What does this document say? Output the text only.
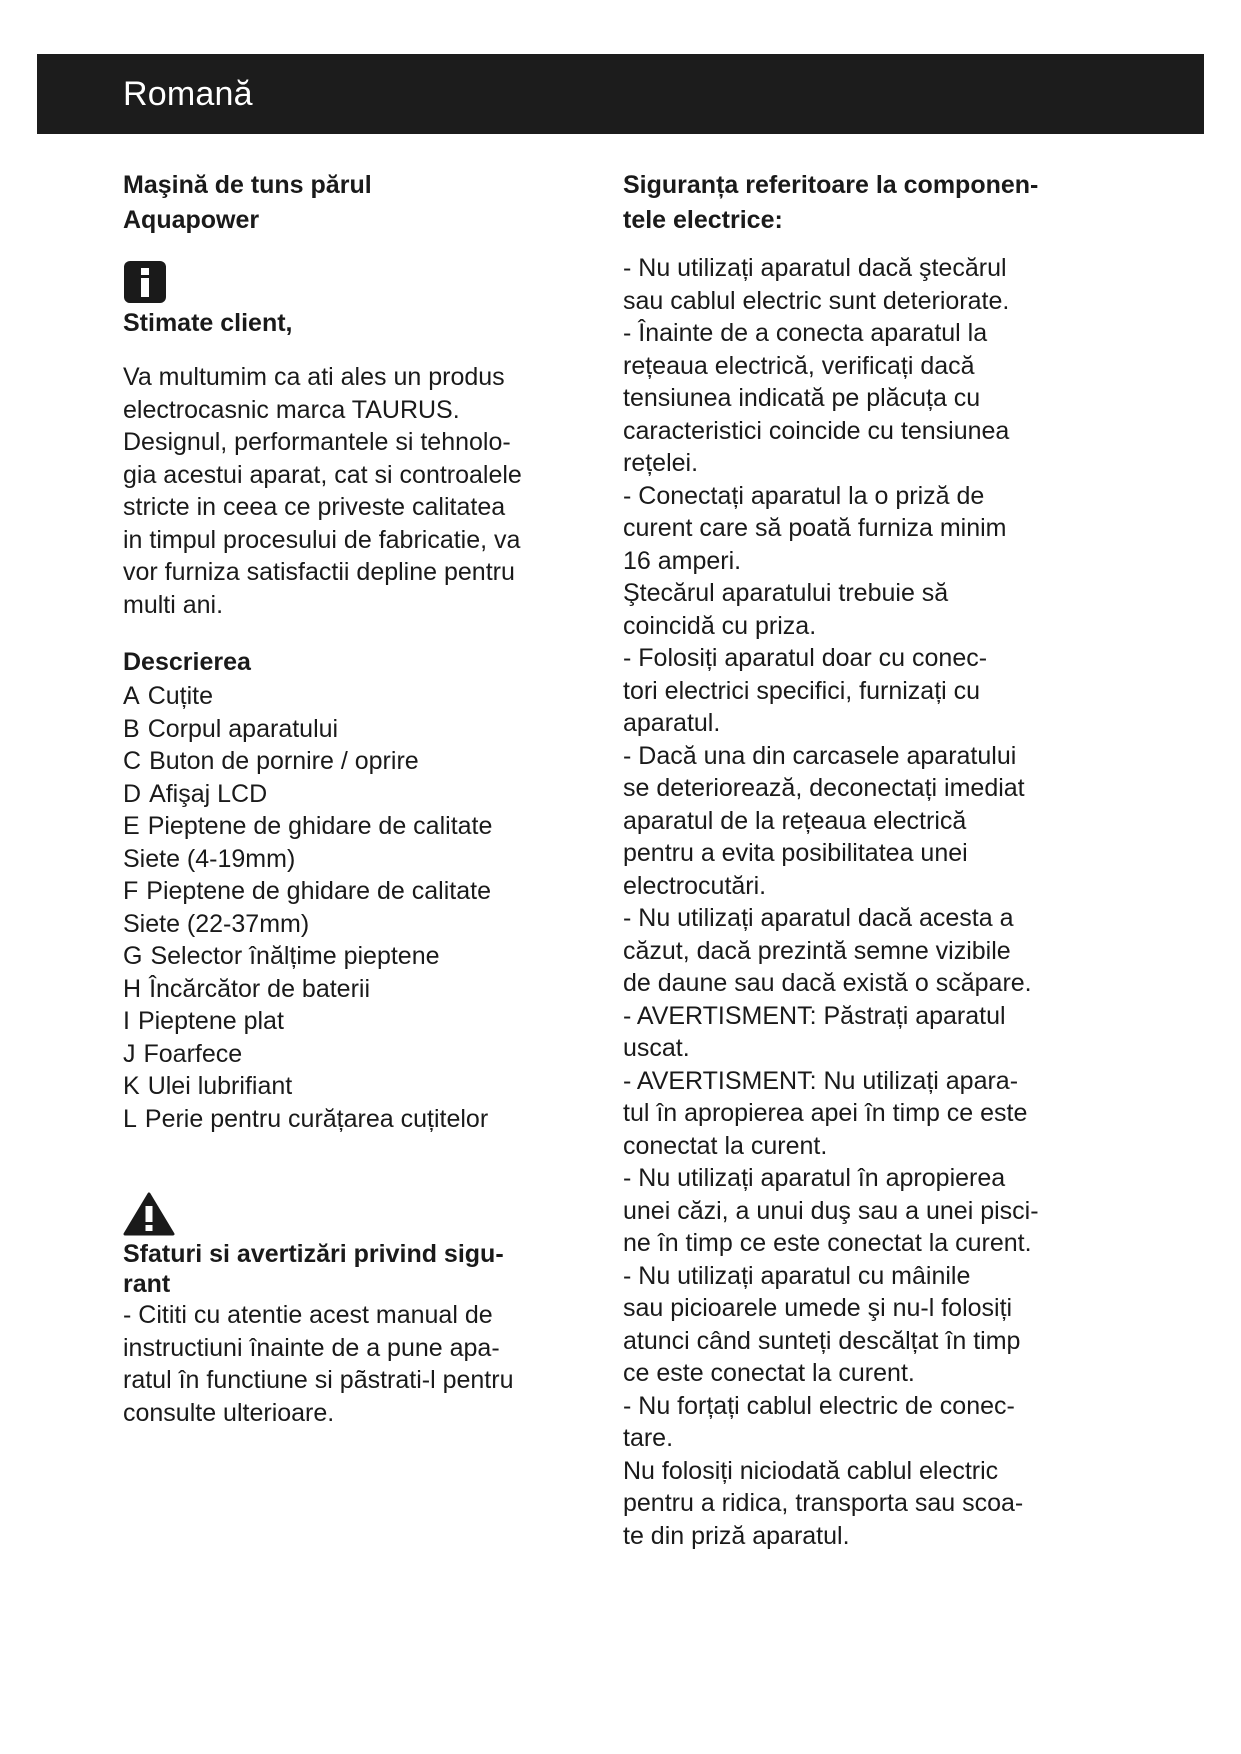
Romană

Maşină de tuns părul

Aquapower

Stimate client,

Va multumim ca ati ales un produs

electrocasnic marca TAURUS.

Designul, performantele si tehnolo-

gia acestui aparat, cat si controalele

stricte in ceea ce priveste calitatea

in timpul procesului de fabricatie, va

vor furniza satisfactii depline pentru

multi ani.

Descrierea

A Cuțite
B Corpul aparatului
C Buton de pornire / oprire
D Afişaj LCD
E Pieptene de ghidare de calitate
Siete (4-19mm)
F Pieptene de ghidare de calitate
Siete (22-37mm)
G Selector înălțime pieptene
H Încărcător de baterii
I Pieptene plat
J Foarfece
K Ulei lubrifiant
L Perie pentru curățarea cuțitelor

Sfaturi si avertizări privind sigu-

rant

- Cititi cu atentie acest manual de

instructiuni înainte de a pune apa-

ratul în functiune si pãstrati-l pentru

consulte ulterioare.

Siguranța referitoare la componen-

tele electrice:

- Nu utilizați aparatul dacă ştecărul

sau cablul electric sunt deteriorate.

- Înainte de a conecta aparatul la

rețeaua electrică, verificați dacă

tensiunea indicată pe plăcuța cu

caracteristici coincide cu tensiunea

rețelei.

- Conectați aparatul la o priză de

curent care să poată furniza minim

16 amperi.

Ştecărul aparatului trebuie să

coincidă cu priza.

- Folosiți aparatul doar cu conec-

tori electrici specifici, furnizați cu

aparatul.

- Dacă una din carcasele aparatului

se deteriorează, deconectați imediat

aparatul de la rețeaua electrică

pentru a evita posibilitatea unei

electrocutări.

- Nu utilizați aparatul dacă acesta a

căzut, dacă prezintă semne vizibile

de daune sau dacă există o scăpare.

- AVERTISMENT: Păstrați aparatul

uscat.

- AVERTISMENT: Nu utilizați apara-

tul în apropierea apei în timp ce este

conectat la curent.

- Nu utilizați aparatul în apropierea

unei căzi, a unui duş sau a unei pisci-

ne în timp ce este conectat la curent.

- Nu utilizați aparatul cu mâinile

sau picioarele umede şi nu-l folosiți

atunci când sunteți descălțat în timp

ce este conectat la curent.

- Nu forțați cablul electric de conec-

tare.

Nu folosiți niciodată cablul electric

pentru a ridica, transporta sau scoa-

te din priză aparatul.
